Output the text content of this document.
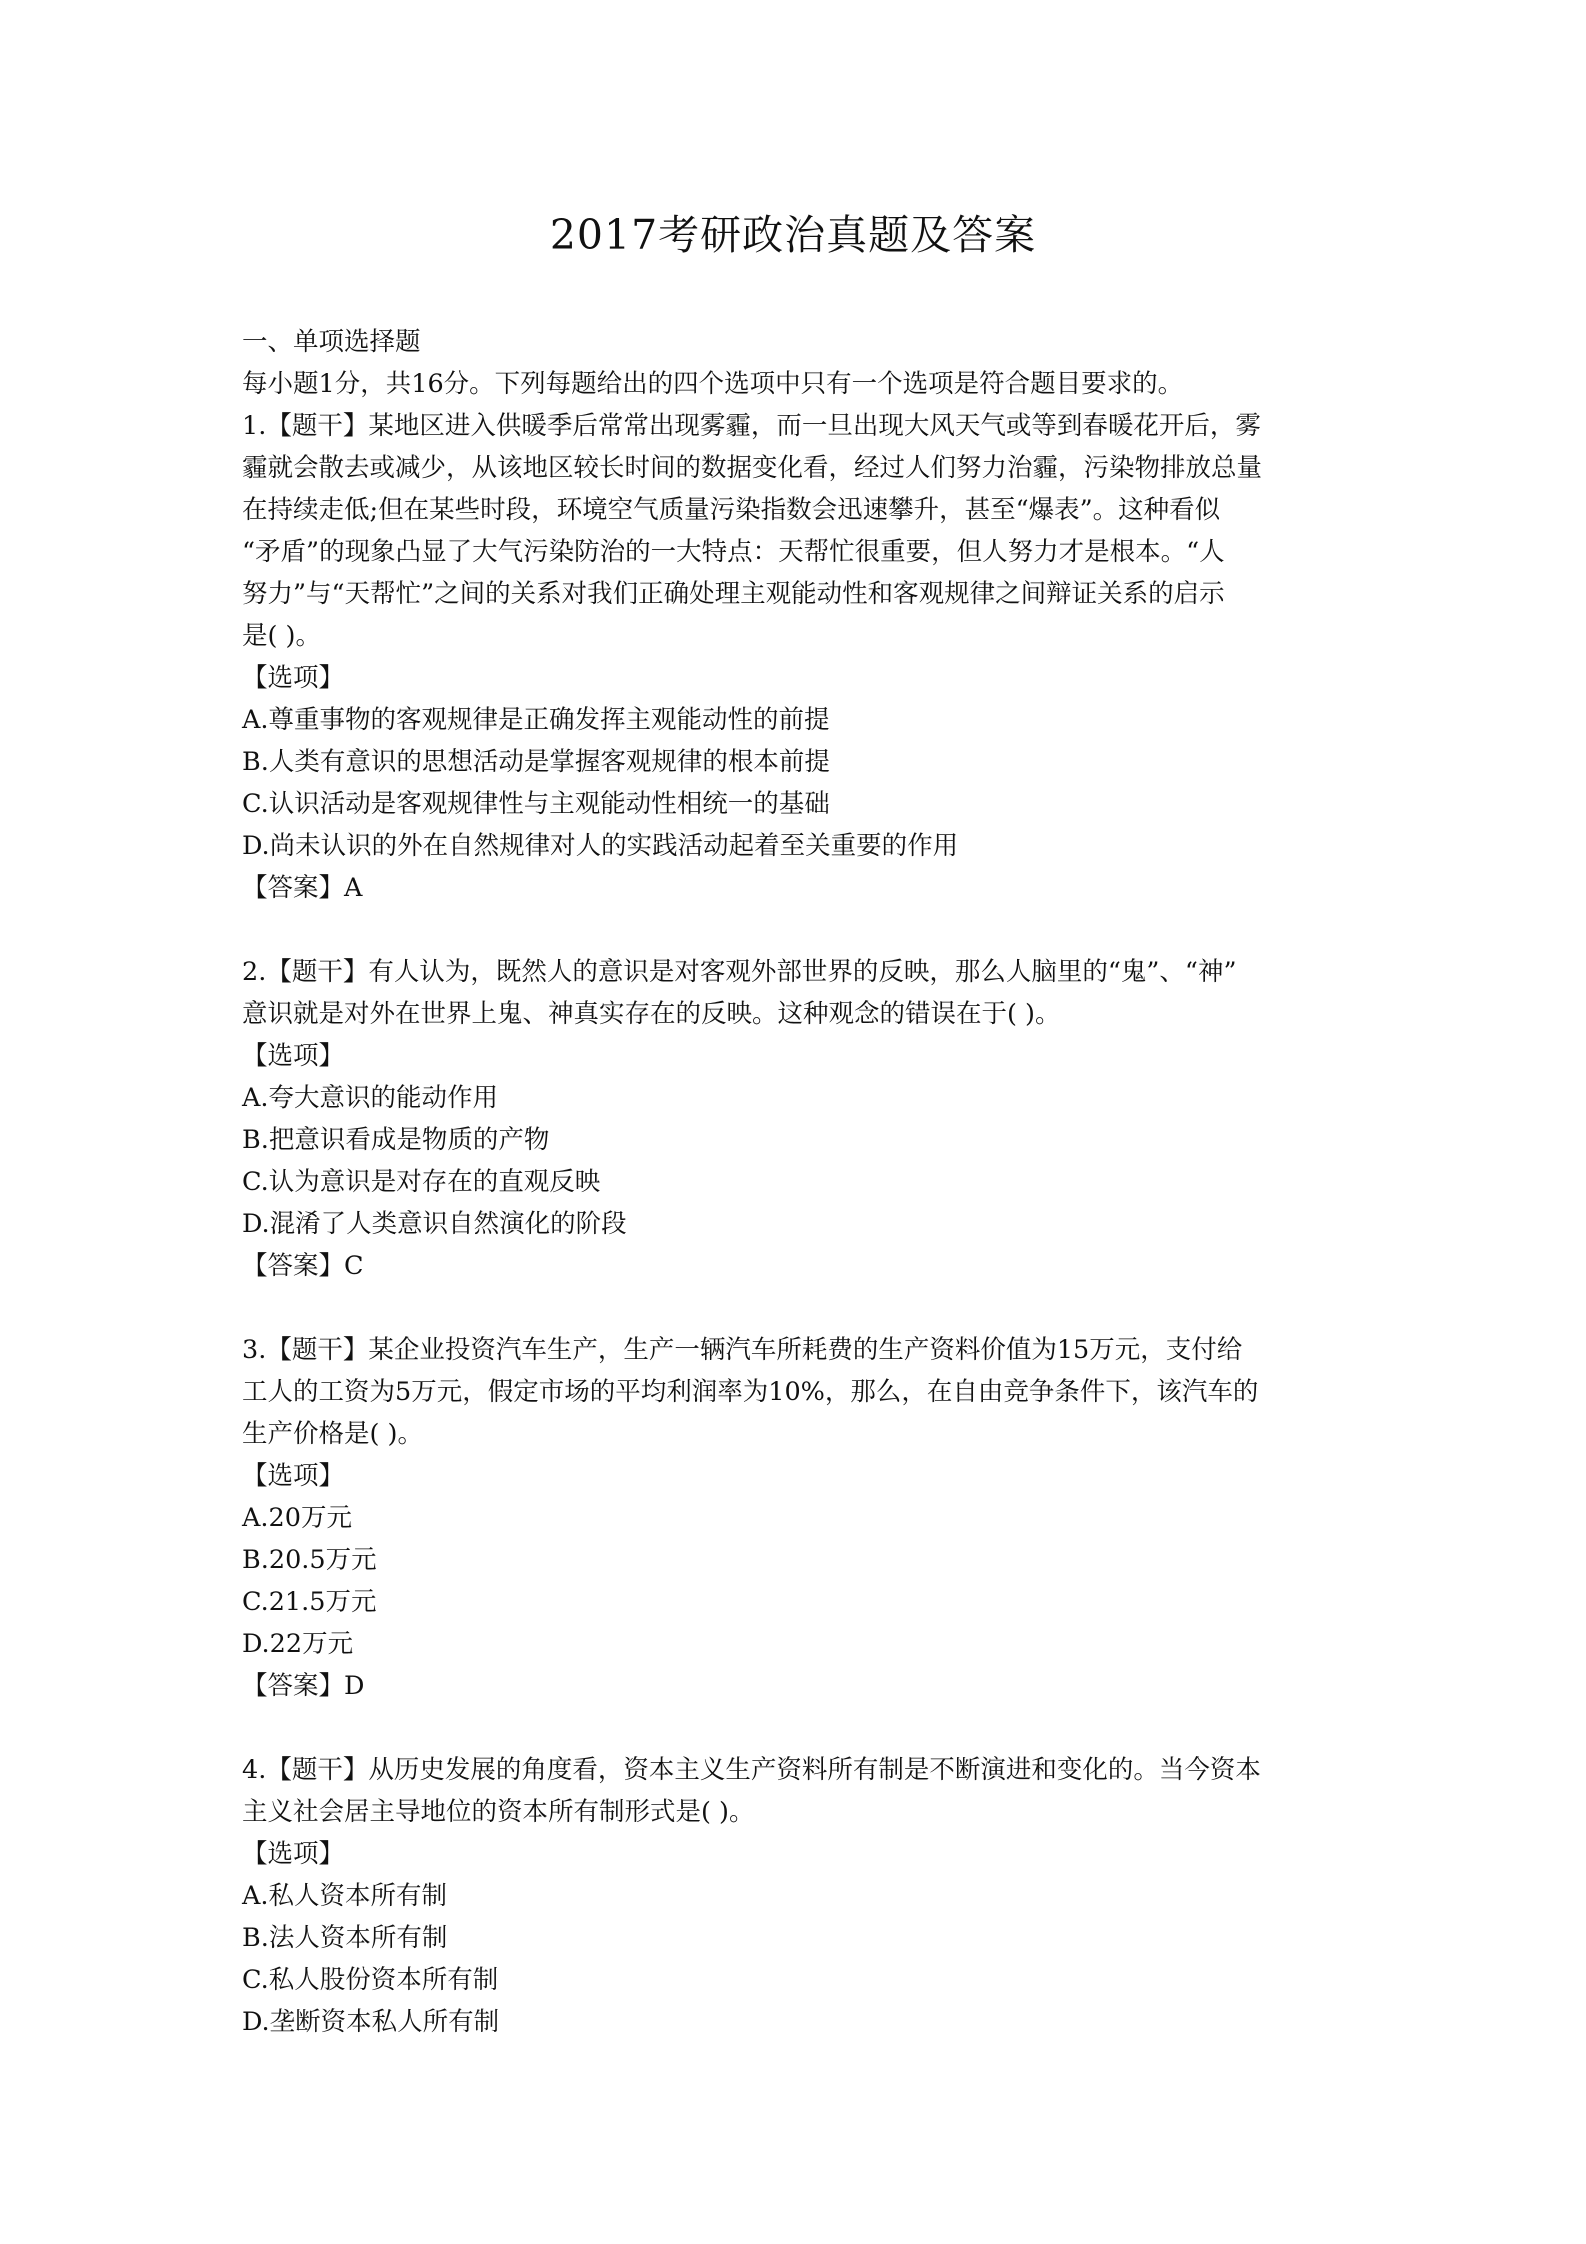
2017考研政治真题及答案
一、单项选择题
每小题1分，共16分。下列每题给出的四个选项中只有一个选项是符合题目要求的。
1.【题干】某地区进入供暖季后常常出现雾霾，而一旦出现大风天气或等到春暖花开后，雾
霾就会散去或减少，从该地区较长时间的数据变化看，经过人们努力治霾，污染物排放总量
在持续走低;但在某些时段，环境空气质量污染指数会迅速攀升，甚至“爆表”。这种看似
“矛盾”的现象凸显了大气污染防治的一大特点：天帮忙很重要，但人努力才是根本。“人
努力”与“天帮忙”之间的关系对我们正确处理主观能动性和客观规律之间辩证关系的启示
是( )。
【选项】
A.尊重事物的客观规律是正确发挥主观能动性的前提
B.人类有意识的思想活动是掌握客观规律的根本前提
C.认识活动是客观规律性与主观能动性相统一的基础
D.尚未认识的外在自然规律对人的实践活动起着至关重要的作用
【答案】A
2.【题干】有人认为，既然人的意识是对客观外部世界的反映，那么人脑里的“鬼”、“神”
意识就是对外在世界上鬼、神真实存在的反映。这种观念的错误在于( )。
【选项】
A.夸大意识的能动作用
B.把意识看成是物质的产物
C.认为意识是对存在的直观反映
D.混淆了人类意识自然演化的阶段
【答案】C
3.【题干】某企业投资汽车生产，生产一辆汽车所耗费的生产资料价值为15万元，支付给
工人的工资为5万元，假定市场的平均利润率为10%，那么，在自由竞争条件下，该汽车的
生产价格是( )。
【选项】
A.20万元
B.20.5万元
C.21.5万元
D.22万元
【答案】D
4.【题干】从历史发展的角度看，资本主义生产资料所有制是不断演进和变化的。当今资本
主义社会居主导地位的资本所有制形式是( )。
【选项】
A.私人资本所有制
B.法人资本所有制
C.私人股份资本所有制
D.垄断资本私人所有制
